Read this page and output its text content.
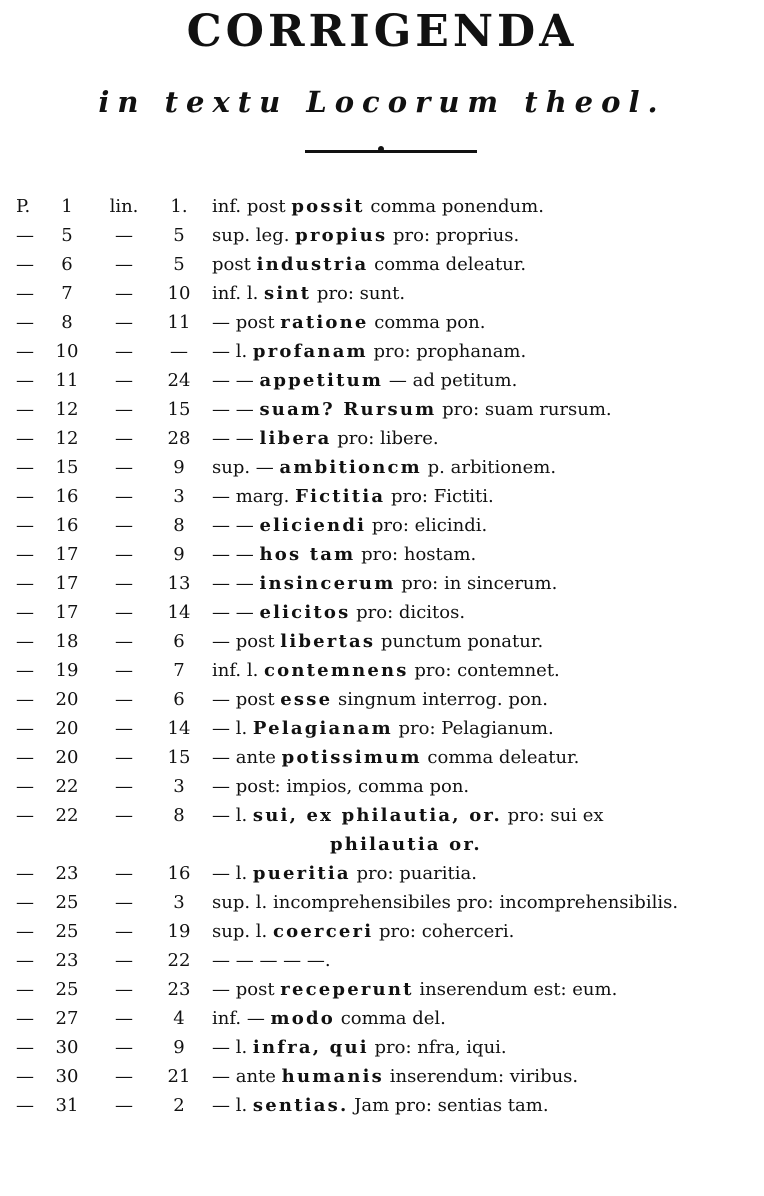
CORRIGENDA
in textu Locorum theol.
P.	1	lin.	1.	inf. post possit comma ponendum.
—	5	—	5	sup. leg. propius pro: proprius.
—	6	—	5	post industria comma deleatur.
—	7	—	10	inf. l. sint pro: sunt.
—	8	—	11	— post ratione comma pon.
—	10	—	—	— l. profanam pro: prophanam.
—	11	—	24	— — appetitum — ad petitum.
—	12	—	15	— — suam? Rursum pro: suam rursum.
—	12	—	28	— — libera pro: libere.
—	15	—	9	sup. — ambitioncm p. arbitionem.
—	16	—	3	— marg. Fictitia pro: Fictiti.
—	16	—	8	— — eliciendi pro: elicindi.
—	17	—	9	— — hos tam pro: hostam.
—	17	—	13	— — insincerum pro: in sincerum.
—	17	—	14	— — elicitos pro: dicitos.
—	18	—	6	— post libertas punctum ponatur.
—	19	—	7	inf. l. contemnens pro: contemnet.
—	20	—	6	— post esse singnum interrog. pon.
—	20	—	14	— l. Pelagianam pro: Pelagianum.
—	20	—	15	— ante potissimum comma deleatur.
—	22	—	3	— post: impios, comma pon.
—	22	—	8	— l. sui, ex philautia, or. pro: sui ex
philautia or.
—	23	—	16	— l. pueritia pro: puaritia.
—	25	—	3	sup. l. incomprehensibiles pro: incomprehensibilis.
—	25	—	19	sup. l. coerceri pro: coherceri.
—	23	—	22	— — — — —.
—	25	—	23	— post receperunt inserendum est: eum.
—	27	—	4	inf. — modo comma del.
—	30	—	9	— l. infra, qui pro: nfra, iqui.
—	30	—	21	— ante humanis inserendum: viribus.
—	31	—	2	— l. sentias. Jam pro: sentias tam.
